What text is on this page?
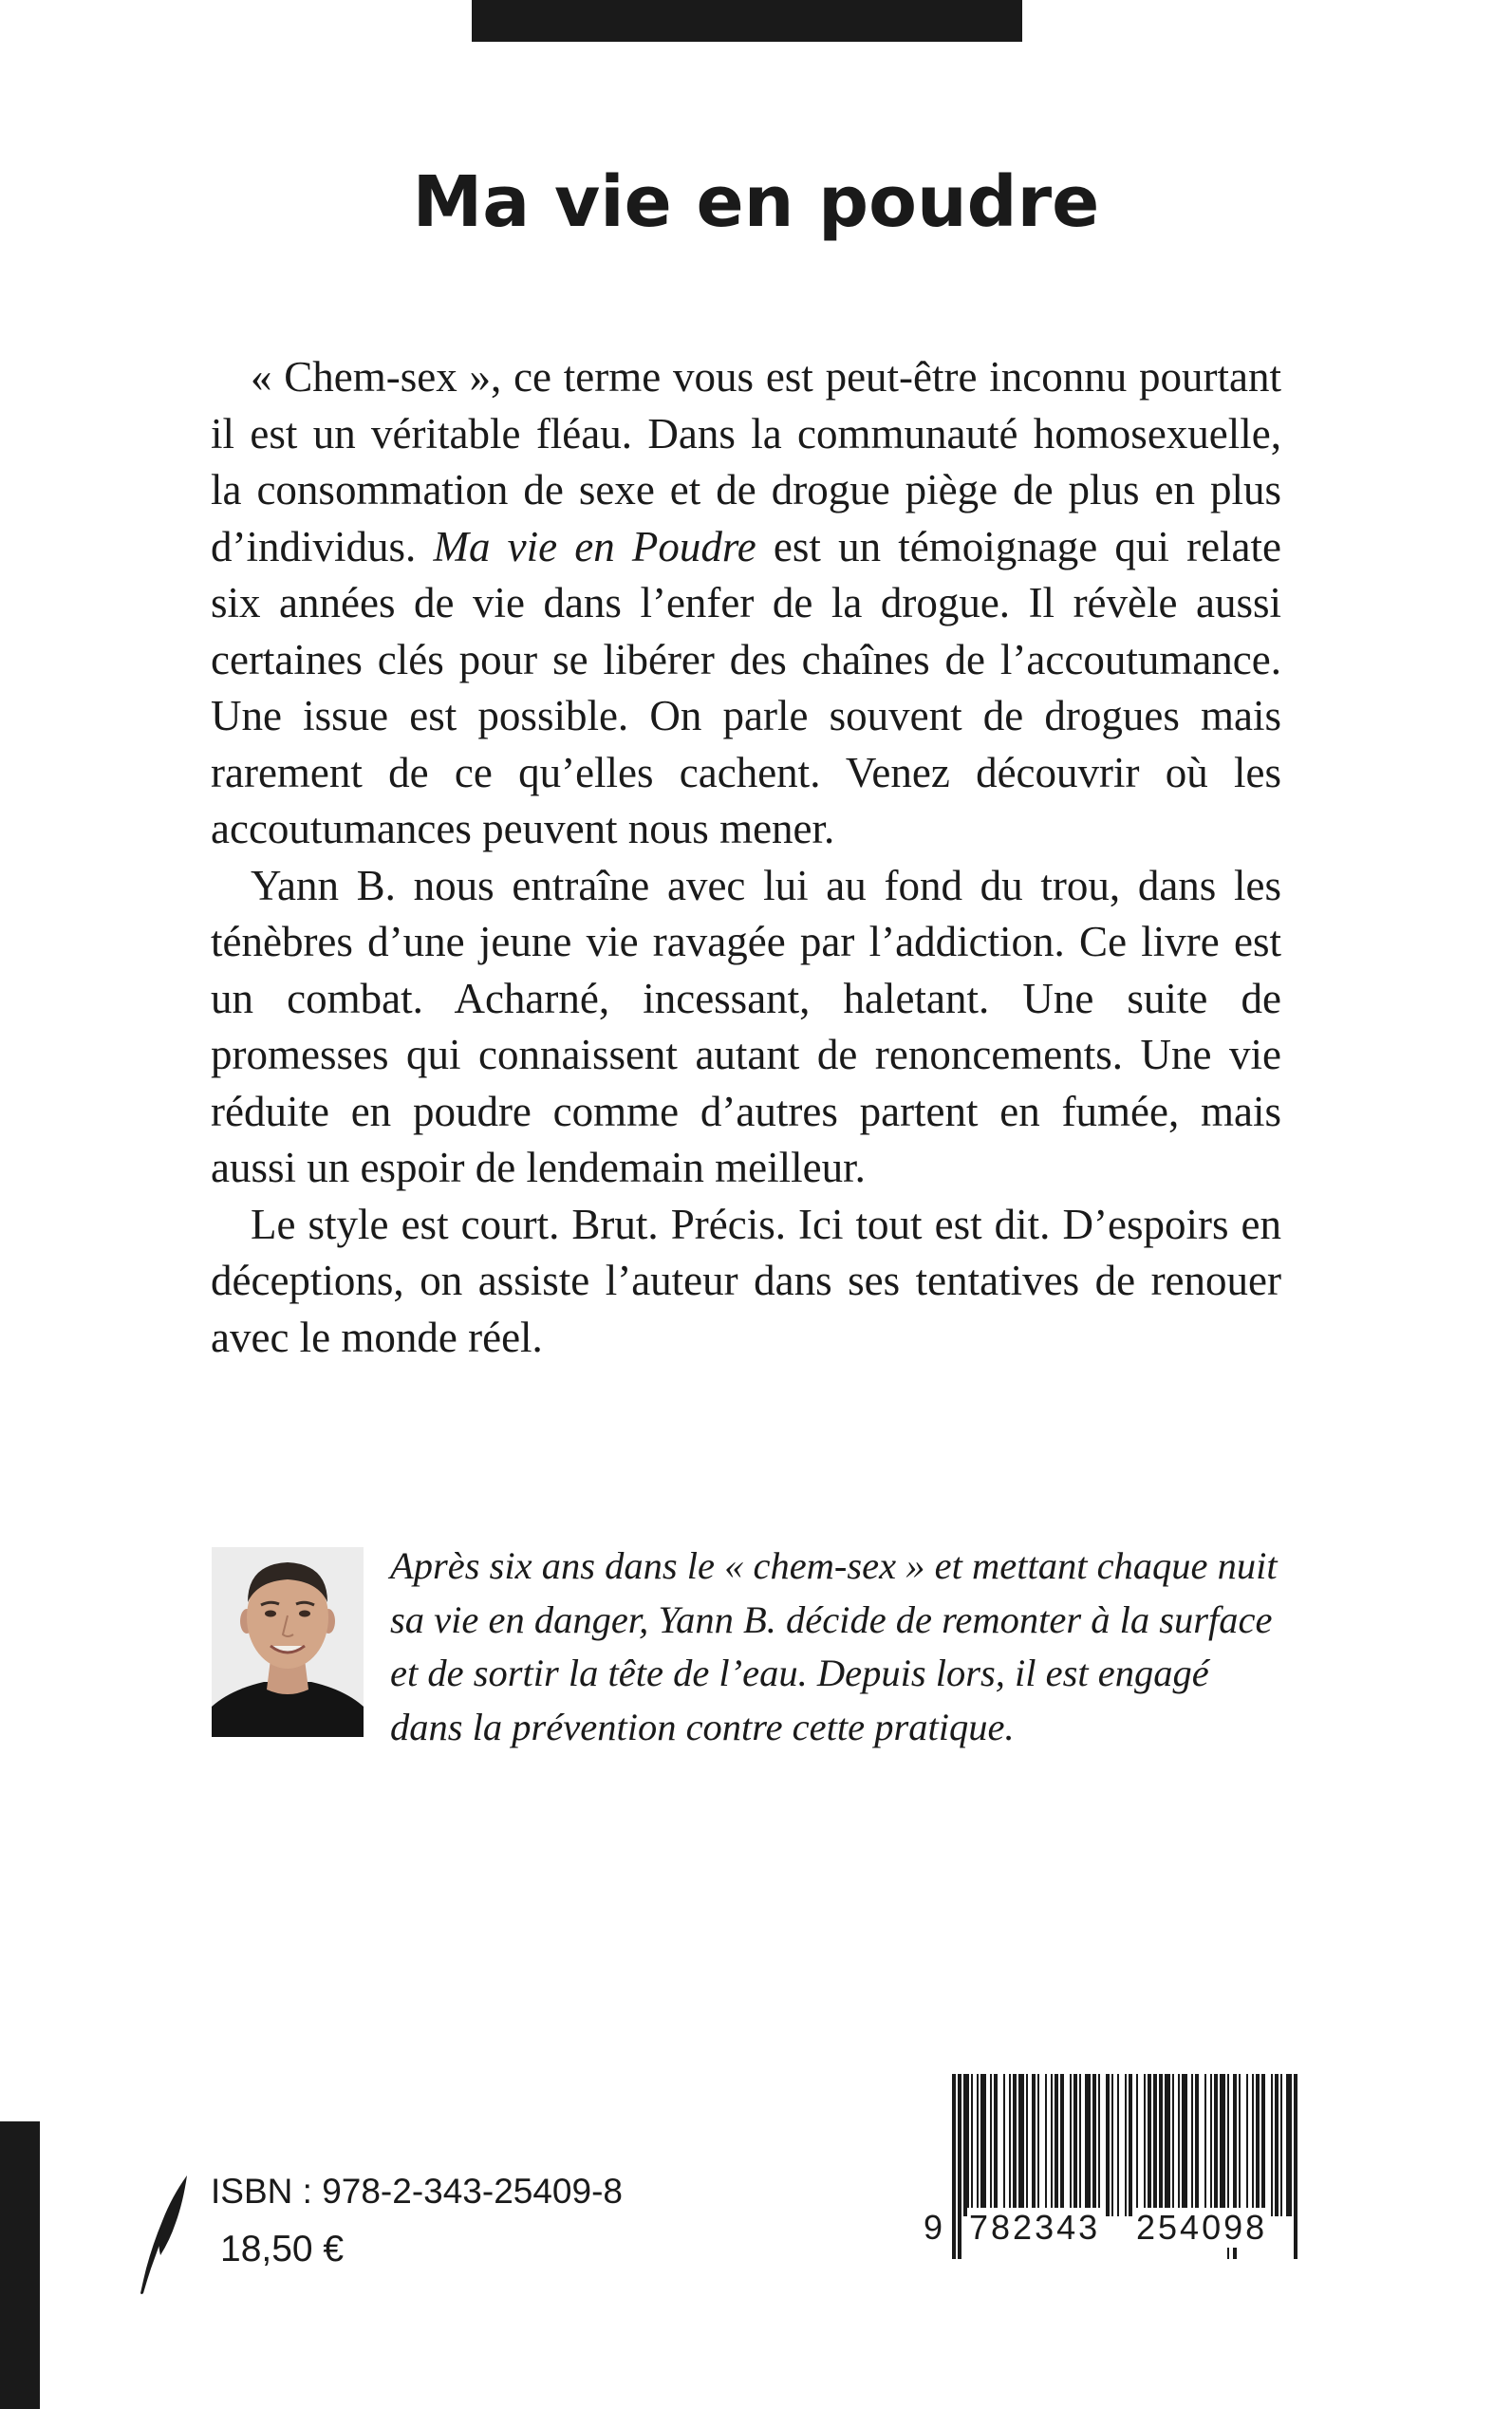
Ma vie en poudre

« Chem-sex », ce terme vous est peut-être inconnu pourtant il est un véritable fléau. Dans la communauté homosexuelle, la consommation de sexe et de drogue piège de plus en plus d’individus. Ma vie en Poudre est un témoignage qui relate six années de vie dans l’enfer de la drogue. Il révèle aussi certaines clés pour se libérer des chaînes de l’accoutumance. Une issue est possible. On parle souvent de drogues mais rarement de ce qu’elles cachent. Venez découvrir où les accoutumances peuvent nous mener.

Yann B. nous entraîne avec lui au fond du trou, dans les ténèbres d’une jeune vie ravagée par l’addiction. Ce livre est un combat. Acharné, incessant, haletant. Une suite de promesses qui connaissent autant de renoncements. Une vie réduite en poudre comme d’autres partent en fumée, mais aussi un espoir de lendemain meilleur.

Le style est court. Brut. Précis. Ici tout est dit. D’espoirs en déceptions, on assiste l’auteur dans ses tentatives de renouer avec le monde réel.

Après six ans dans le « chem-sex » et mettant chaque nuit sa vie en danger, Yann B. décide de remonter à la surface et de sortir la tête de l’eau. Depuis lors, il est engagé dans la prévention contre cette pratique.

ISBN : 978-2-343-25409-8
18,50 €
9 782343 254098
